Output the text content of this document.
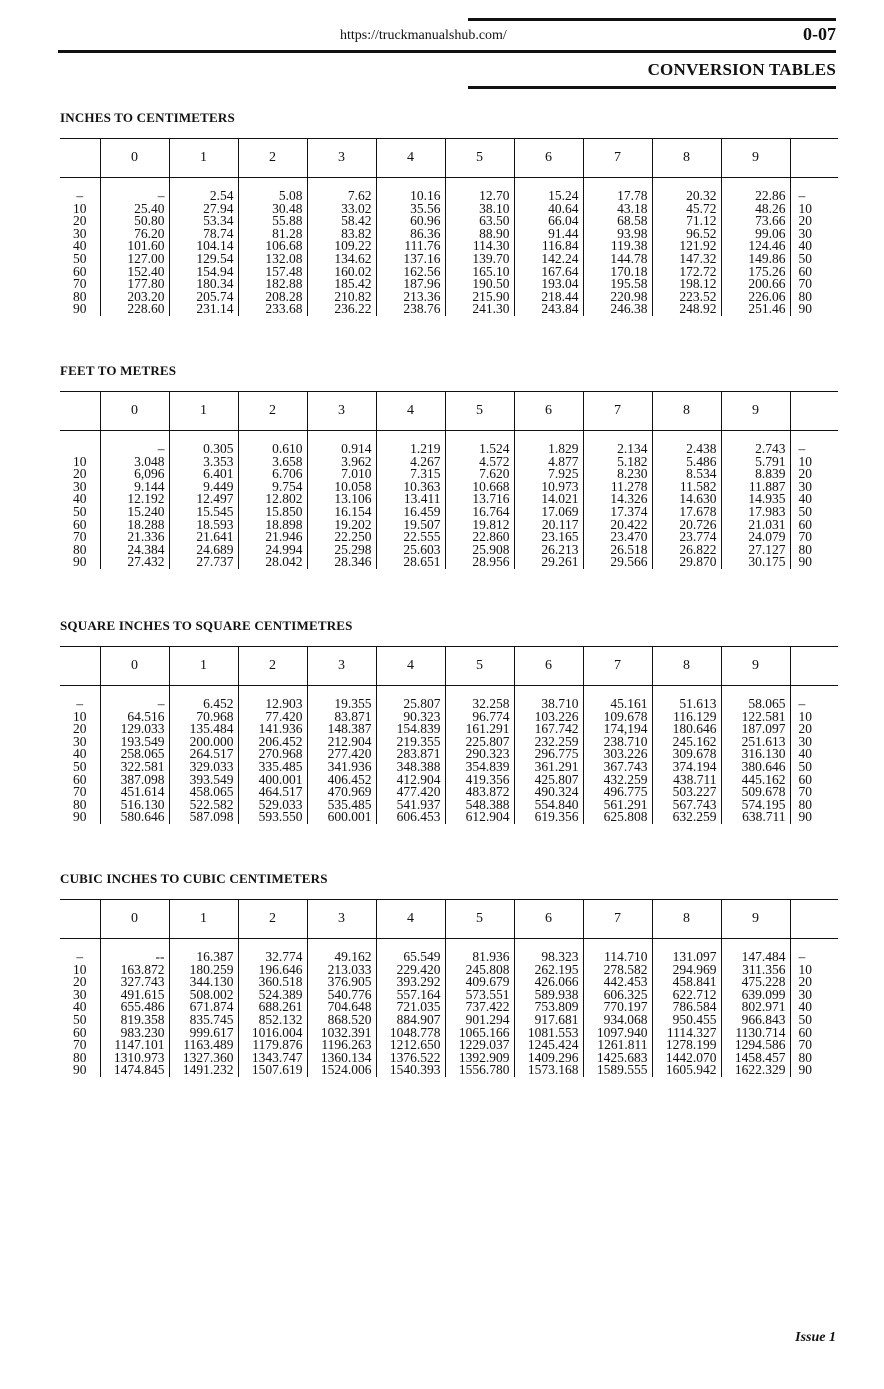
https://truckmanualshub.com/	0-07
CONVERSION TABLES
INCHES TO CENTIMETERS
	0	1	2	3	4	5	6	7	8	9	
–	–	2.54	5.08	7.62	10.16	12.70	15.24	17.78	20.32	22.86	–
10	25.40	27.94	30.48	33.02	35.56	38.10	40.64	43.18	45.72	48.26	10
20	50.80	53.34	55.88	58.42	60.96	63.50	66.04	68.58	71.12	73.66	20
30	76.20	78.74	81.28	83.82	86.36	88.90	91.44	93.98	96.52	99.06	30
40	101.60	104.14	106.68	109.22	111.76	114.30	116.84	119.38	121.92	124.46	40
50	127.00	129.54	132.08	134.62	137.16	139.70	142.24	144.78	147.32	149.86	50
60	152.40	154.94	157.48	160.02	162.56	165.10	167.64	170.18	172.72	175.26	60
70	177.80	180.34	182.88	185.42	187.96	190.50	193.04	195.58	198.12	200.66	70
80	203.20	205.74	208.28	210.82	213.36	215.90	218.44	220.98	223.52	226.06	80
90	228.60	231.14	233.68	236.22	238.76	241.30	243.84	246.38	248.92	251.46	90
FEET TO METRES
	0	1	2	3	4	5	6	7	8	9	
	–	0.305	0.610	0.914	1.219	1.524	1.829	2.134	2.438	2.743	–
10	3.048	3.353	3.658	3.962	4.267	4.572	4.877	5.182	5.486	5.791	10
20	6,096	6.401	6.706	7.010	7.315	7.620	7.925	8.230	8.534	8.839	20
30	9.144	9.449	9.754	10.058	10.363	10.668	10.973	11.278	11.582	11.887	30
40	12.192	12.497	12.802	13.106	13.411	13.716	14.021	14.326	14.630	14.935	40
50	15.240	15.545	15.850	16.154	16.459	16.764	17.069	17.374	17.678	17.983	50
60	18.288	18.593	18.898	19.202	19.507	19.812	20.117	20.422	20.726	21.031	60
70	21.336	21.641	21.946	22.250	22.555	22.860	23.165	23.470	23.774	24.079	70
80	24.384	24.689	24.994	25.298	25.603	25.908	26.213	26.518	26.822	27.127	80
90	27.432	27.737	28.042	28.346	28.651	28.956	29.261	29.566	29.870	30.175	90
SQUARE INCHES TO SQUARE CENTIMETRES
	0	1	2	3	4	5	6	7	8	9	
–	–	6.452	12.903	19.355	25.807	32.258	38.710	45.161	51.613	58.065	–
10	64.516	70.968	77.420	83.871	90.323	96.774	103.226	109.678	116.129	122.581	10
20	129.033	135.484	141.936	148.387	154.839	161.291	167.742	174,194	180.646	187.097	20
30	193.549	200.000	206.452	212.904	219.355	225.807	232.259	238.710	245.162	251.613	30
40	258.065	264.517	270.968	277.420	283.871	290.323	296.775	303.226	309.678	316.130	40
50	322.581	329.033	335.485	341.936	348.388	354.839	361.291	367.743	374.194	380.646	50
60	387.098	393.549	400.001	406.452	412.904	419.356	425.807	432.259	438.711	445.162	60
70	451.614	458.065	464.517	470.969	477.420	483.872	490.324	496.775	503.227	509.678	70
80	516.130	522.582	529.033	535.485	541.937	548.388	554.840	561.291	567.743	574.195	80
90	580.646	587.098	593.550	600.001	606.453	612.904	619.356	625.808	632.259	638.711	90
CUBIC INCHES TO CUBIC CENTIMETERS
	0	1	2	3	4	5	6	7	8	9	
–	--	16.387	32.774	49.162	65.549	81.936	98.323	114.710	131.097	147.484	–
10	163.872	180.259	196.646	213.033	229.420	245.808	262.195	278.582	294.969	311.356	10
20	327.743	344.130	360.518	376.905	393.292	409.679	426.066	442.453	458.841	475.228	20
30	491.615	508.002	524.389	540.776	557.164	573.551	589.938	606.325	622.712	639.099	30
40	655.486	671.874	688.261	704.648	721.035	737.422	753.809	770.197	786.584	802.971	40
50	819.358	835.745	852.132	868.520	884.907	901.294	917.681	934.068	950.455	966.843	50
60	983.230	999.617	1016.004	1032.391	1048.778	1065.166	1081.553	1097.940	1114.327	1130.714	60
70	1147.101	1163.489	1179.876	1196.263	1212.650	1229.037	1245.424	1261.811	1278.199	1294.586	70
80	1310.973	1327.360	1343.747	1360.134	1376.522	1392.909	1409.296	1425.683	1442.070	1458.457	80
90	1474.845	1491.232	1507.619	1524.006	1540.393	1556.780	1573.168	1589.555	1605.942	1622.329	90
Issue 1
